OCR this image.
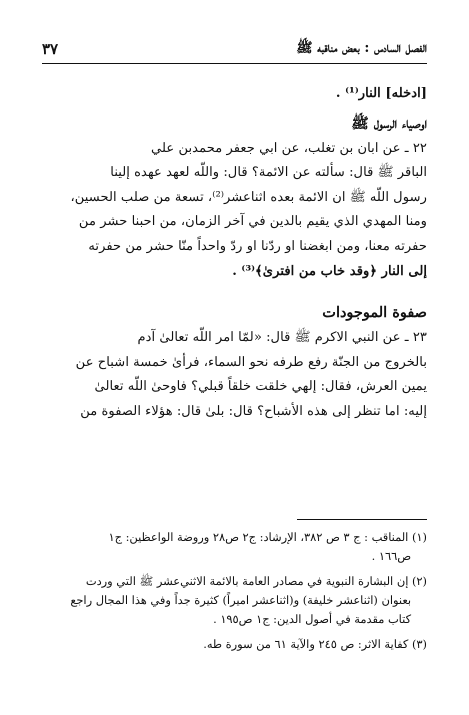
الفصل السادس : بعض مناقبه ﷺ
٣٧
[ادخله] النار⁽¹⁾ .
اوصياء الرسول ﷺ
٢٢ ـ عن ابان بن تغلب، عن ابي جعفر محمدبن علي
الباقر ﷺ قال: سألته عن الائمة؟ قال: واللّه لعهد عهده إلينا
رسول اللّه ﷺ ان الائمة بعده اثناعشر⁽²⁾، تسعة من صلب الحسين،
ومنا المهدي الذي يقيم بالدين في آخر الزمان، من احبنا حشر من
حفرته معنا، ومن ابغضنا او ردّنا او ردّ واحداً منّا حشر من حفرته
إلى النار ﴿وقد خاب من افترىٰ﴾⁽³⁾ .
صفوة الموجودات
٢٣ ـ عن النبي الاكرم ﷺ قال: «لمّا امر اللّه تعالىٰ آدم
بالخروج من الجنّة رفع طرفه نحو السماء، فرأىٰ خمسة اشباح عن
يمين العرش، فقال: إلهي خلقت خلقاً قبلي؟ فاوحىٰ اللّه تعالىٰ
إليه: اما تنظر إلى هذه الأشباح؟ قال: بلىٰ قال: هؤلاء الصفوة من
(١) المناقب : ج ٣ ص ٣٨٢، الإرشاد: ج٢ ص٢٨ وروضة الواعظين: ج١
ص١٦٦ .
(٢) إن البشارة النبوية في مصادر العامة بالائمة الاثني‌عشر ﷺ التي وردت
بعنوان (اثناعشر خليفة) و(اثناعشر اميراً) كثيرة جداً وفي هذا المجال راجع
كتاب مقدمة في أصول الدين: ج١ ص١٩٥ .
(٣) كفاية الاثر: ص ٢٤٥ والآية ٦١ من سورة طه.
